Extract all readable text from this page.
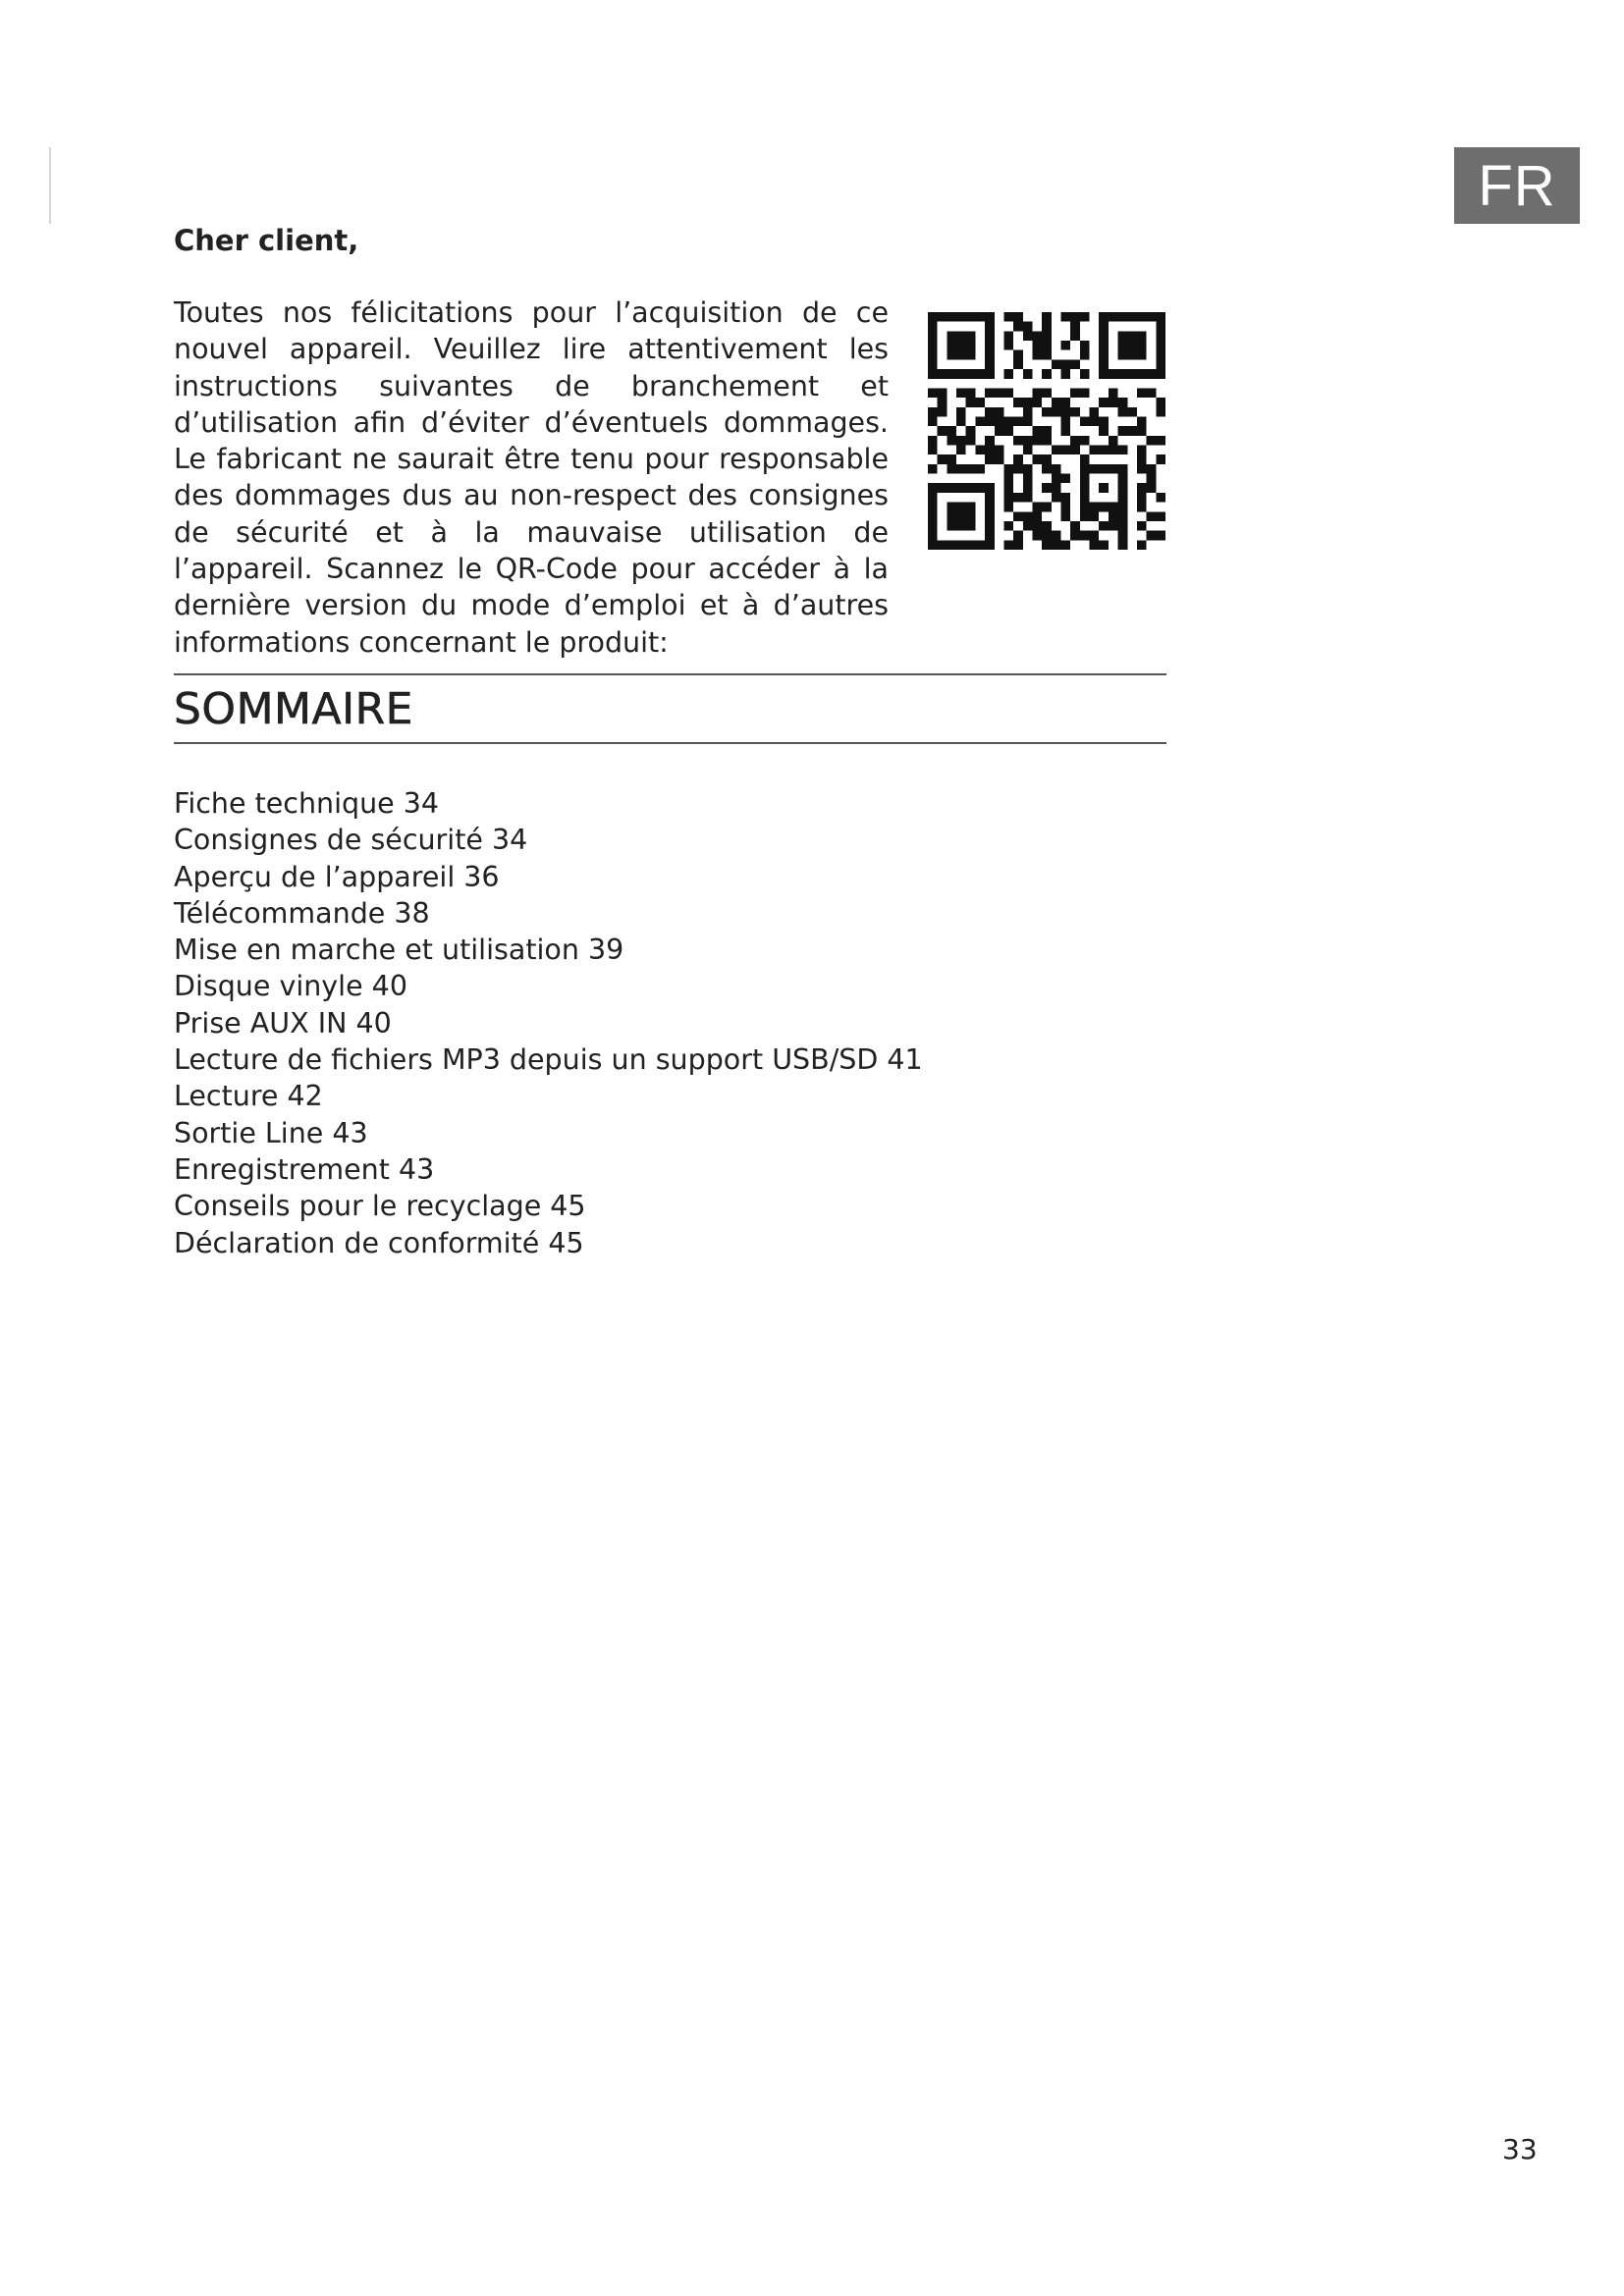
FR
Cher client,
Toutes nos félicitations pour l’acquisition de ce nouvel appareil. Veuillez lire attentivement les instructions suivantes de branchement et d’utilisation afin d’éviter d’éventuels dommages. Le fabricant ne saurait être tenu pour responsable des dommages dus au non-respect des consignes de sécurité et à la mauvaise utilisation de l’appareil. Scannez le QR-Code pour accéder à la dernière version du mode d’emploi et à d’autres informations concernant le produit:
SOMMAIRE
Fiche technique 34
Consignes de sécurité 34
Aperçu de l’appareil 36
Télécommande 38
Mise en marche et utilisation 39
Disque vinyle 40
Prise AUX IN 40
Lecture de fichiers MP3 depuis un support USB/SD 41
Lecture 42
Sortie Line 43
Enregistrement 43
Conseils pour le recyclage 45
Déclaration de conformité 45
33
